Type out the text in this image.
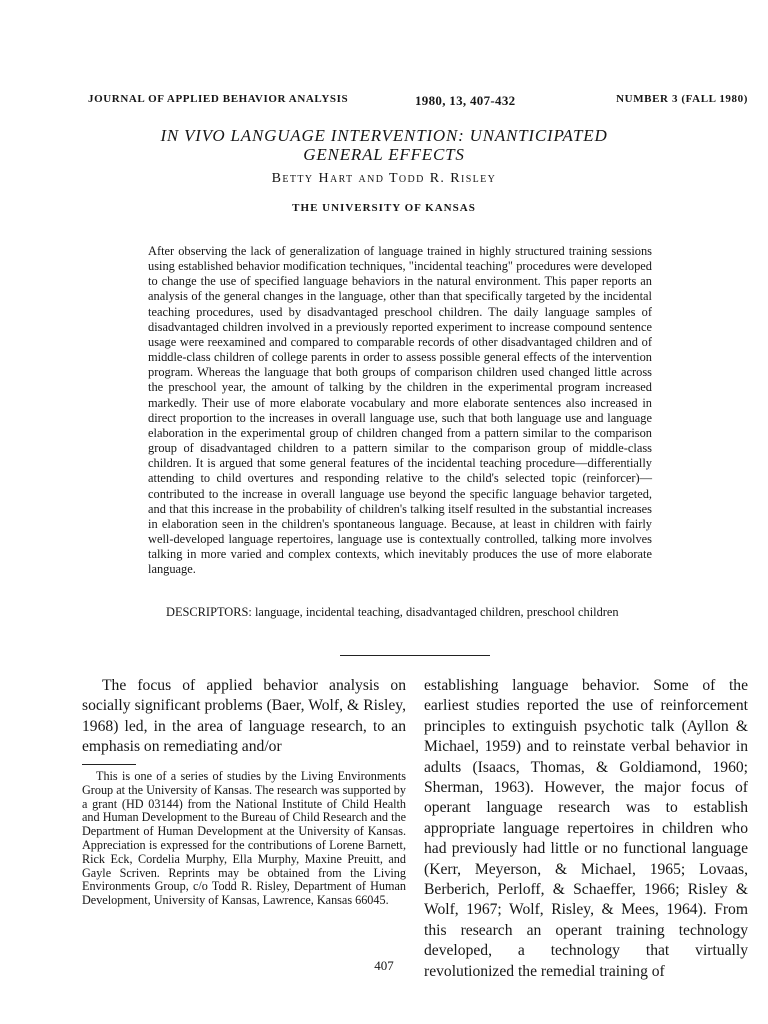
JOURNAL OF APPLIED BEHAVIOR ANALYSIS	1980, 13, 407-432	NUMBER 3 (FALL 1980)
IN VIVO LANGUAGE INTERVENTION: UNANTICIPATED
GENERAL EFFECTS
Betty Hart and Todd R. Risley
THE UNIVERSITY OF KANSAS
After observing the lack of generalization of language trained in highly structured training sessions using established behavior modification techniques, "incidental teaching" procedures were developed to change the use of specified language behaviors in the natural environment. This paper reports an analysis of the general changes in the language, other than that specifically targeted by the incidental teaching procedures, used by disadvantaged preschool children. The daily language samples of disadvantaged children involved in a previously reported experiment to increase compound sentence usage were reexamined and compared to comparable records of other disadvantaged children and of middle-class children of college parents in order to assess possible general effects of the intervention program. Whereas the language that both groups of comparison children used changed little across the preschool year, the amount of talking by the children in the experimental program increased markedly. Their use of more elaborate vocabulary and more elaborate sentences also increased in direct proportion to the increases in overall language use, such that both language use and language elaboration in the experimental group of children changed from a pattern similar to the comparison group of disadvantaged children to a pattern similar to the comparison group of middle-class children. It is argued that some general features of the incidental teaching procedure—differentially attending to child overtures and responding relative to the child's selected topic (reinforcer)—contributed to the increase in overall language use beyond the specific language behavior targeted, and that this increase in the probability of children's talking itself resulted in the substantial increases in elaboration seen in the children's spontaneous language. Because, at least in children with fairly well-developed language repertoires, language use is contextually controlled, talking more involves talking in more varied and complex contexts, which inevitably produces the use of more elaborate language.
DESCRIPTORS: language, incidental teaching, disadvantaged children, preschool children
The focus of applied behavior analysis on socially significant problems (Baer, Wolf, & Risley, 1968) led, in the area of language research, to an emphasis on remediating and/or
establishing language behavior. Some of the earliest studies reported the use of reinforcement principles to extinguish psychotic talk (Ayllon & Michael, 1959) and to reinstate verbal behavior in adults (Isaacs, Thomas, & Goldiamond, 1960; Sherman, 1963). However, the major focus of operant language research was to establish appropriate language repertoires in children who had previously had little or no functional language (Kerr, Meyerson, & Michael, 1965; Lovaas, Berberich, Perloff, & Schaeffer, 1966; Risley & Wolf, 1967; Wolf, Risley, & Mees, 1964). From this research an operant training technology developed, a technology that virtually revolutionized the remedial training of
This is one of a series of studies by the Living Environments Group at the University of Kansas. The research was supported by a grant (HD 03144) from the National Institute of Child Health and Human Development to the Bureau of Child Research and the Department of Human Development at the University of Kansas. Appreciation is expressed for the contributions of Lorene Barnett, Rick Eck, Cordelia Murphy, Ella Murphy, Maxine Preuitt, and Gayle Scriven. Reprints may be obtained from the Living Environments Group, c/o Todd R. Risley, Department of Human Development, University of Kansas, Lawrence, Kansas 66045.
407
